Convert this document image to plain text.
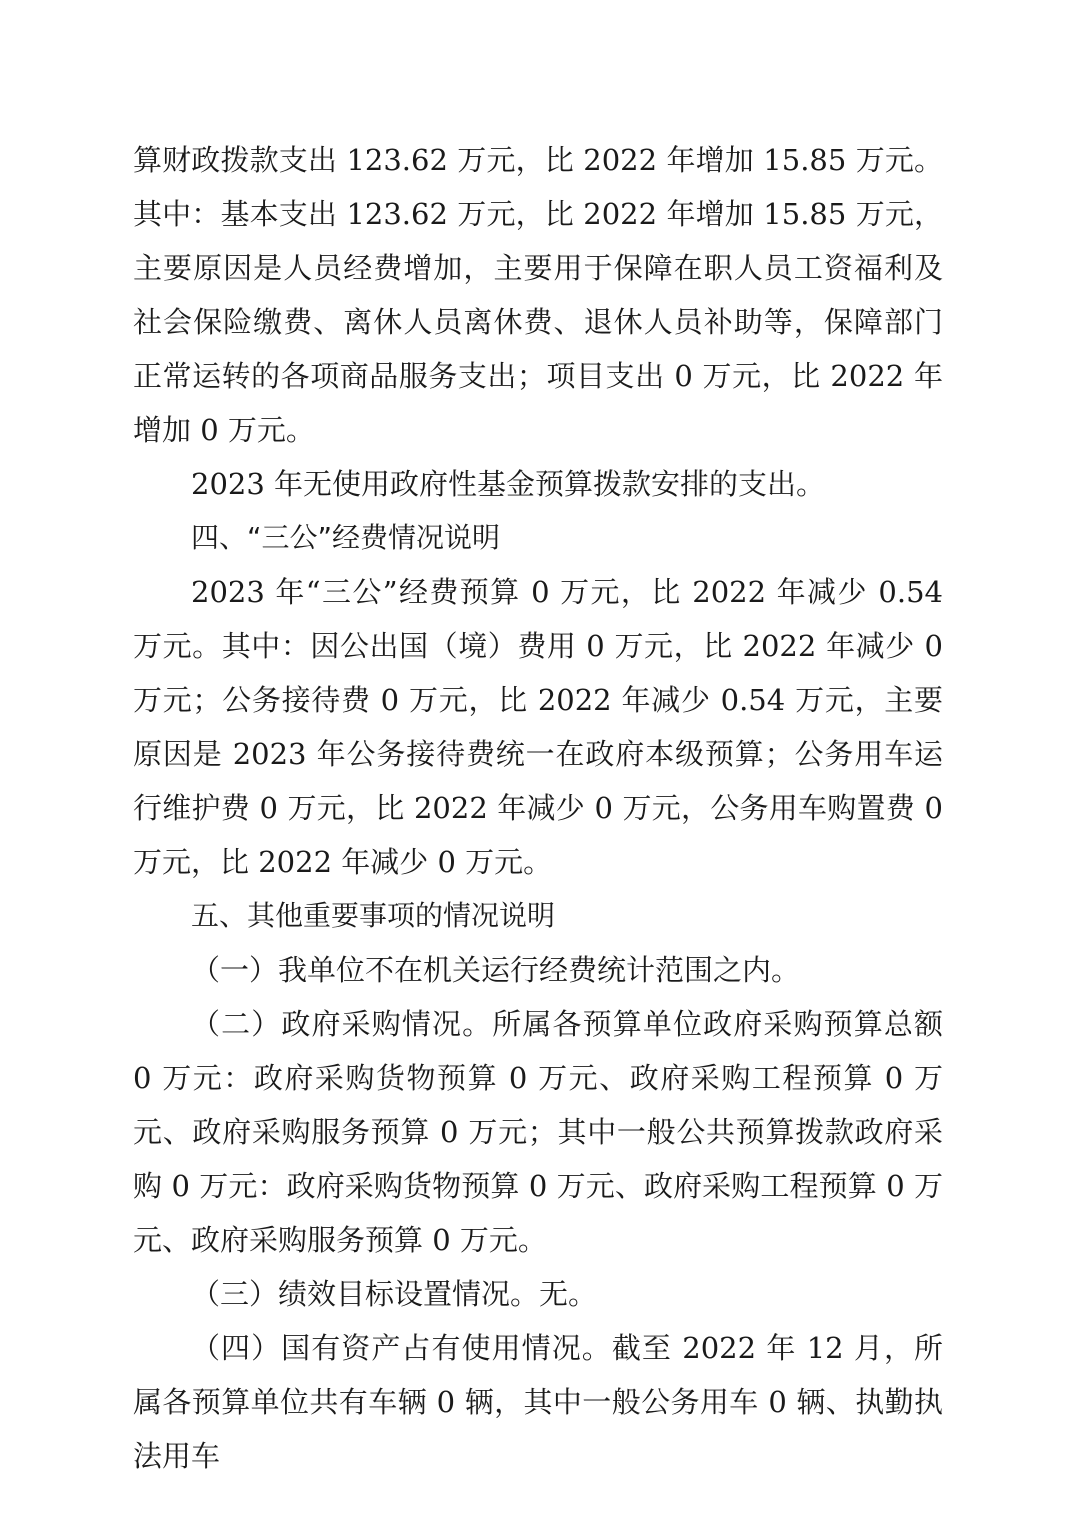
算财政拨款支出 123.62 万元，比 2022 年增加 15.85 万元。其中：基本支出 123.62 万元，比 2022 年增加 15.85 万元，主要原因是人员经费增加，主要用于保障在职人员工资福利及社会保险缴费、离休人员离休费、退休人员补助等，保障部门正常运转的各项商品服务支出；项目支出 0 万元，比 2022 年增加 0 万元。

2023 年无使用政府性基金预算拨款安排的支出。

四、“三公”经费情况说明

2023 年“三公”经费预算 0 万元，比 2022 年减少 0.54 万元。其中：因公出国（境）费用 0 万元，比 2022 年减少 0 万元；公务接待费 0 万元，比 2022 年减少 0.54 万元，主要原因是 2023 年公务接待费统一在政府本级预算；公务用车运行维护费 0 万元，比 2022 年减少 0 万元，公务用车购置费 0 万元，比 2022 年减少 0 万元。

五、其他重要事项的情况说明

（一）我单位不在机关运行经费统计范围之内。

（二）政府采购情况。所属各预算单位政府采购预算总额 0 万元：政府采购货物预算 0 万元、政府采购工程预算 0 万元、政府采购服务预算 0 万元；其中一般公共预算拨款政府采购 0 万元：政府采购货物预算 0 万元、政府采购工程预算 0 万元、政府采购服务预算 0 万元。

（三）绩效目标设置情况。无。

（四）国有资产占有使用情况。截至 2022 年 12 月，所属各预算单位共有车辆 0 辆，其中一般公务用车 0 辆、执勤执法用车
